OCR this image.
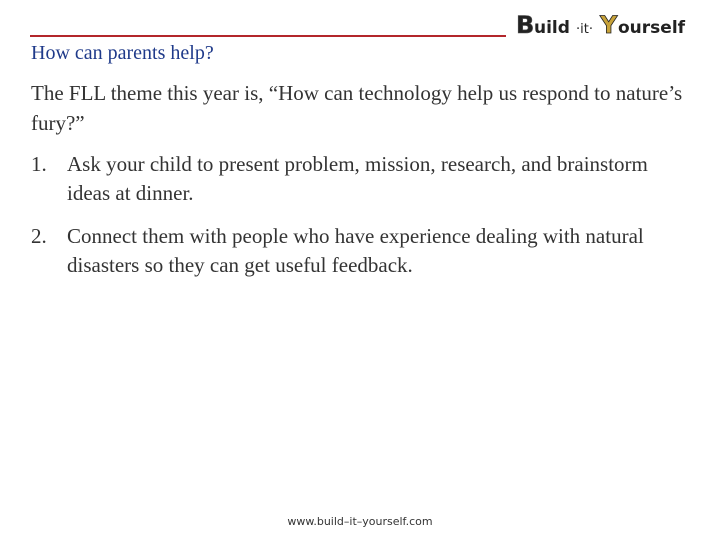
B uild ·it· Y ourself
How can parents help?
The FLL theme this year is, “How can technology help us respond to nature’s fury?”
1. Ask your child to present problem, mission, research, and brainstorm ideas at dinner.
2. Connect them with people who have experience dealing with natural disasters so they can get useful feedback.
www.build–it–yourself.com
